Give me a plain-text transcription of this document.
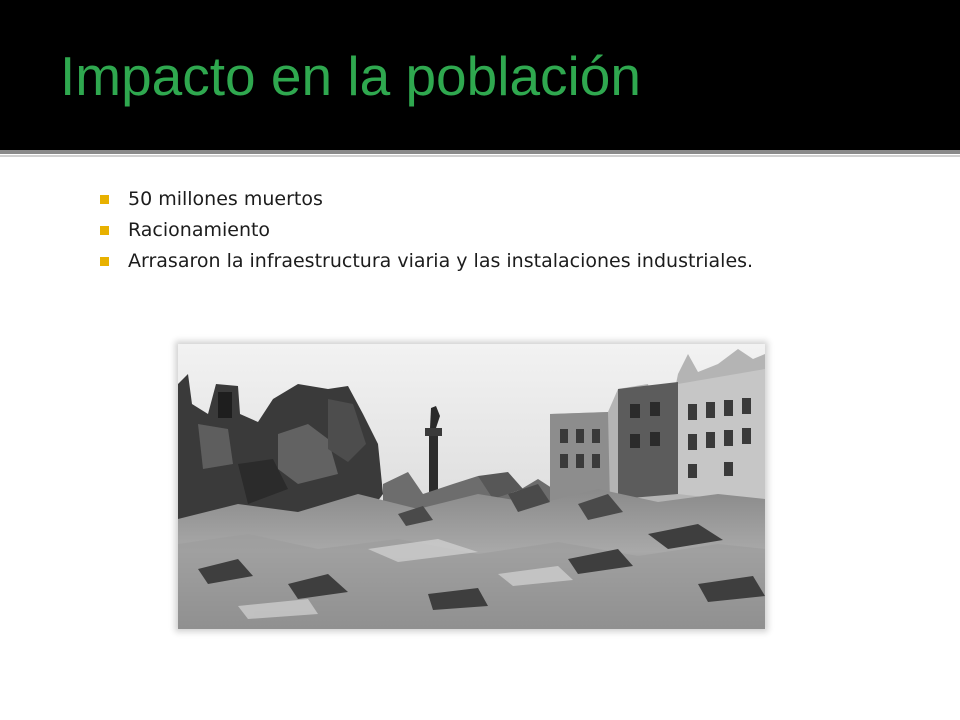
Impacto en la población
50 millones muertos
Racionamiento
Arrasaron la infraestructura viaria y las instalaciones industriales.
